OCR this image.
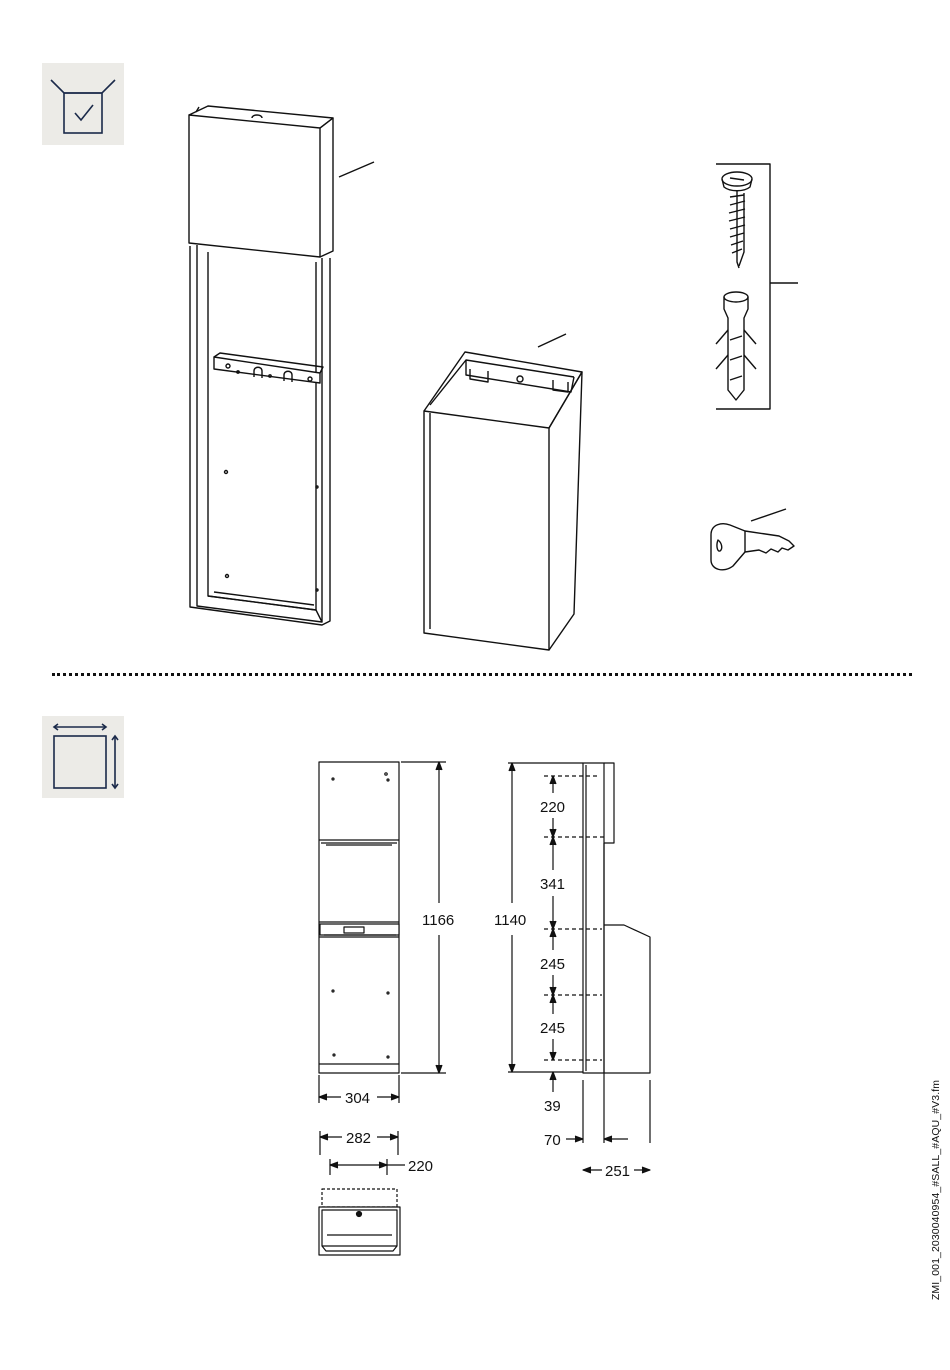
1166
304
282
220
1140
220
341
245
245
39
70
251	ZMI_001_2030040954_#SALL_#AQU_#V3.fm
